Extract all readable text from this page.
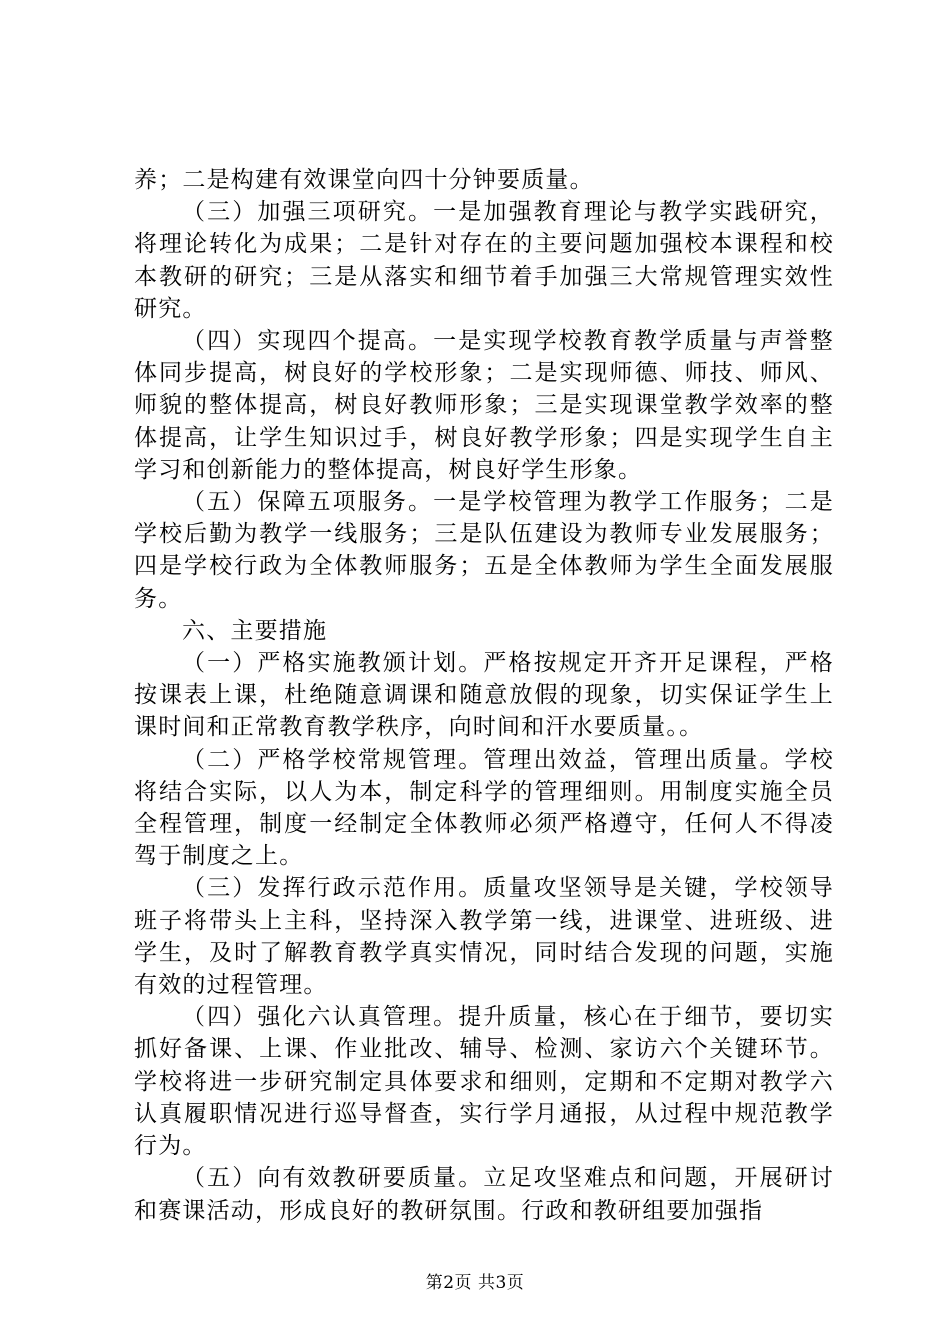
养；二是构建有效课堂向四十分钟要质量。

（三）加强三项研究。一是加强教育理论与教学实践研究，将理论转化为成果；二是针对存在的主要问题加强校本课程和校本教研的研究；三是从落实和细节着手加强三大常规管理实效性研究。

（四）实现四个提高。一是实现学校教育教学质量与声誉整体同步提高，树良好的学校形象；二是实现师德、师技、师风、师貌的整体提高，树良好教师形象；三是实现课堂教学效率的整体提高，让学生知识过手，树良好教学形象；四是实现学生自主学习和创新能力的整体提高，树良好学生形象。

（五）保障五项服务。一是学校管理为教学工作服务；二是学校后勤为教学一线服务；三是队伍建设为教师专业发展服务；四是学校行政为全体教师服务；五是全体教师为学生全面发展服务。

六、主要措施

（一）严格实施教颁计划。严格按规定开齐开足课程，严格按课表上课，杜绝随意调课和随意放假的现象，切实保证学生上课时间和正常教育教学秩序，向时间和汗水要质量。。

（二）严格学校常规管理。管理出效益，管理出质量。学校将结合实际，以人为本，制定科学的管理细则。用制度实施全员全程管理，制度一经制定全体教师必须严格遵守，任何人不得凌驾于制度之上。

（三）发挥行政示范作用。质量攻坚领导是关键，学校领导班子将带头上主科，坚持深入教学第一线，进课堂、进班级、进学生，及时了解教育教学真实情况，同时结合发现的问题，实施有效的过程管理。

（四）强化六认真管理。提升质量，核心在于细节，要切实抓好备课、上课、作业批改、辅导、检测、家访六个关键环节。学校将进一步研究制定具体要求和细则，定期和不定期对教学六认真履职情况进行巡导督查，实行学月通报，从过程中规范教学行为。

（五）向有效教研要质量。立足攻坚难点和问题，开展研讨和赛课活动，形成良好的教研氛围。行政和教研组要加强指

第2页 共3页
